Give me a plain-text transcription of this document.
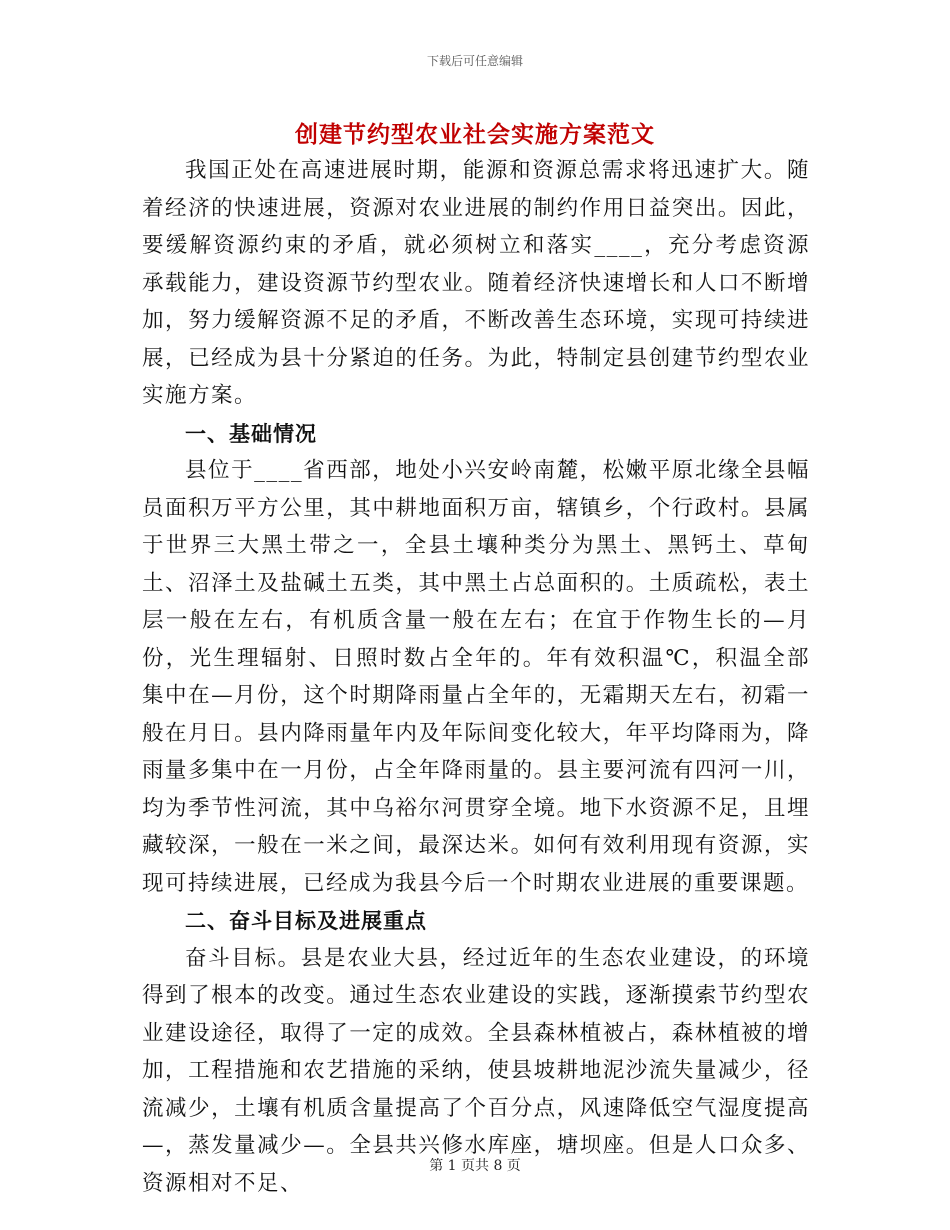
下载后可任意编辑
创建节约型农业社会实施方案范文

我国正处在高速进展时期，能源和资源总需求将迅速扩大。随着经济的快速进展，资源对农业进展的制约作用日益突出。因此，要缓解资源约束的矛盾，就必须树立和落实____，充分考虑资源承载能力，建设资源节约型农业。随着经济快速增长和人口不断增加，努力缓解资源不足的矛盾，不断改善生态环境，实现可持续进展，已经成为县十分紧迫的任务。为此，特制定县创建节约型农业实施方案。

一、基础情况

县位于____省西部，地处小兴安岭南麓，松嫩平原北缘全县幅员面积万平方公里，其中耕地面积万亩，辖镇乡，个行政村。县属于世界三大黑土带之一，全县土壤种类分为黑土、黑钙土、草甸土、沼泽土及盐碱土五类，其中黑土占总面积的。土质疏松，表土层一般在左右，有机质含量一般在左右；在宜于作物生长的—月份，光生理辐射、日照时数占全年的。年有效积温℃，积温全部集中在—月份，这个时期降雨量占全年的，无霜期天左右，初霜一般在月日。县内降雨量年内及年际间变化较大，年平均降雨为，降雨量多集中在一月份，占全年降雨量的。县主要河流有四河一川，均为季节性河流，其中乌裕尔河贯穿全境。地下水资源不足，且埋藏较深，一般在一米之间，最深达米。如何有效利用现有资源，实现可持续进展，已经成为我县今后一个时期农业进展的重要课题。

二、奋斗目标及进展重点

奋斗目标。县是农业大县，经过近年的生态农业建设，的环境得到了根本的改变。通过生态农业建设的实践，逐渐摸索节约型农业建设途径，取得了一定的成效。全县森林植被占，森林植被的增加，工程措施和农艺措施的采纳，使县坡耕地泥沙流失量减少，径流减少，土壤有机质含量提高了个百分点，风速降低空气湿度提高—，蒸发量减少—。全县共兴修水库座，塘坝座。但是人口众多、资源相对不足、

第 1 页共 8 页
